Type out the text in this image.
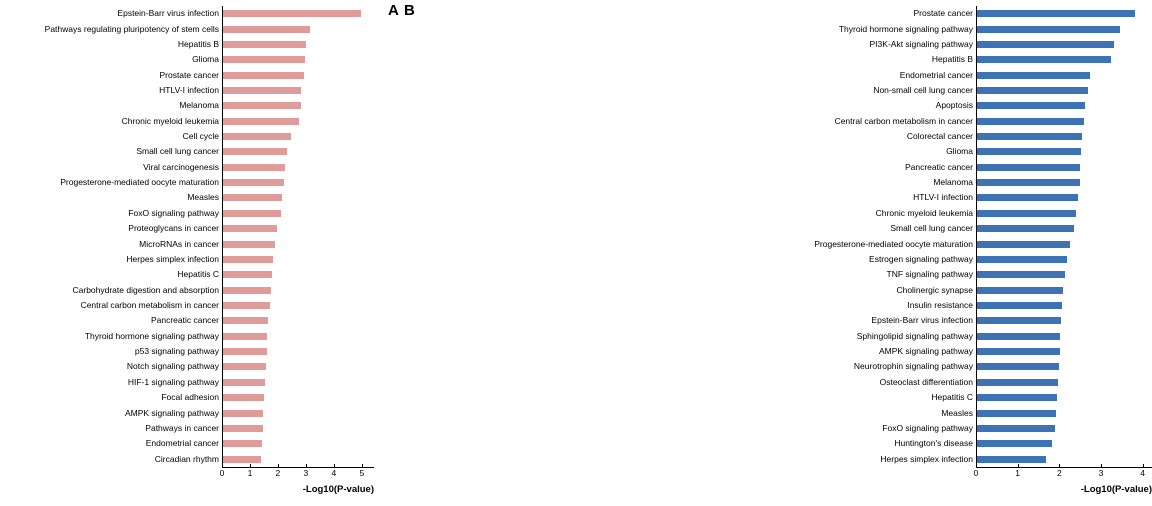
A
Epstein-Barr virus infection
Pathways regulating pluripotency of stem cells
Hepatitis B
Glioma
Prostate cancer
HTLV-I infection
Melanoma
Chronic myeloid leukemia
Cell cycle
Small cell lung cancer
Viral carcinogenesis
Progesterone-mediated oocyte maturation
Measles
FoxO signaling pathway
Proteoglycans in cancer
MicroRNAs in cancer
Herpes simplex infection
Hepatitis C
Carbohydrate digestion and absorption
Central carbon metabolism in cancer
Pancreatic cancer
Thyroid hormone signaling pathway
p53 signaling pathway
Notch signaling pathway
HIF-1 signaling pathway
Focal adhesion
AMPK signaling pathway
Pathways in cancer
Endometrial cancer
Circadian rhythm
0	1	2	3	4	5
-Log10(P-value)
B	Prostate cancer
Thyroid hormone signaling pathway
PI3K-Akt signaling pathway
Hepatitis B
Endometrial cancer
Non-small cell lung cancer
Apoptosis
Central carbon metabolism in cancer
Colorectal cancer
Glioma
Pancreatic cancer
Melanoma
HTLV-I infection
Chronic myeloid leukemia
Small cell lung cancer
Progesterone-mediated oocyte maturation
Estrogen signaling pathway
TNF signaling pathway
Cholinergic synapse
Insulin resistance
Epstein-Barr virus infection
Sphingolipid signaling pathway
AMPK signaling pathway
Neurotrophin signaling pathway
Osteoclast differentiation
Hepatitis C
Measles
FoxO signaling pathway
Huntington's disease
Herpes simplex infection
0	1	2	3	4
-Log10(P-value)
